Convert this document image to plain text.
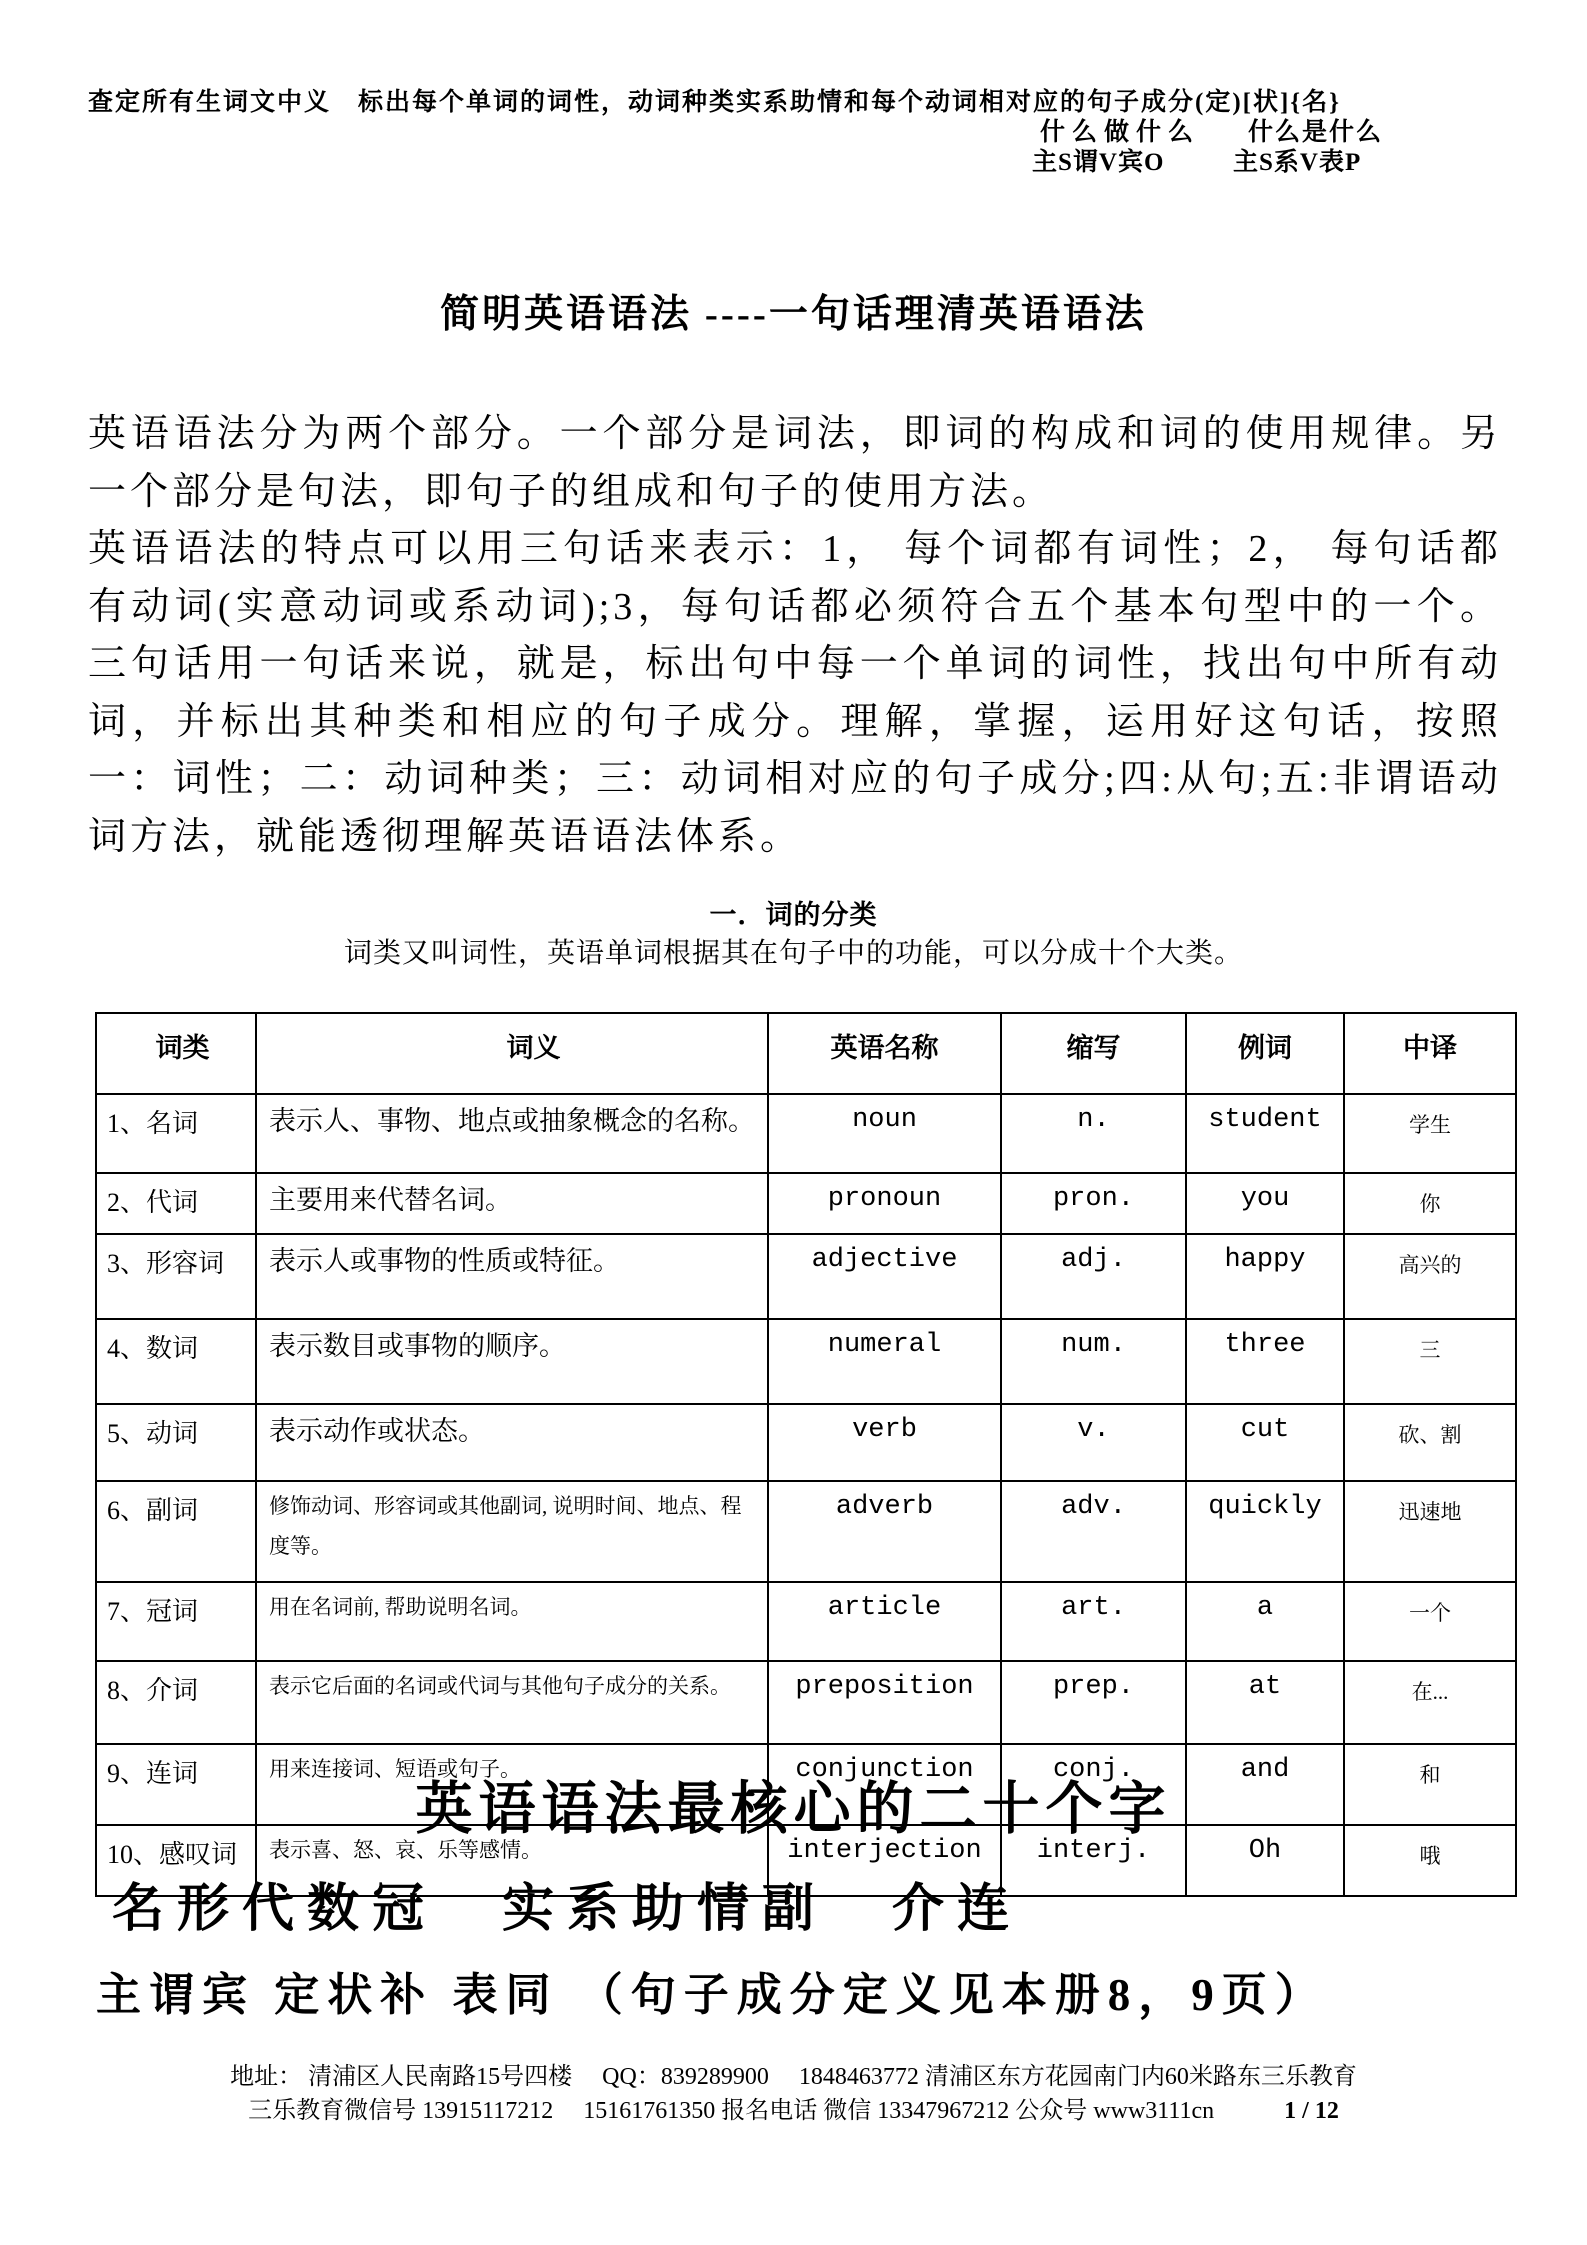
查定所有生词文中义　标出每个单词的词性，动词种类实系助情和每个动词相对应的句子成分(定)[状]{名}
什么做什么 什么是什么
主S谓V宾O	主S系V表P
简明英语语法 ----一句话理清英语语法

英语语法分为两个部分。一个部分是词法，即词的构成和词的使用规律。另一个部分是句法，即句子的组成和句子的使用方法。

英语语法的特点可以用三句话来表示：1， 每个词都有词性；2， 每句话都有动词(实意动词或系动词);3，每句话都必须符合五个基本句型中的一个。三句话用一句话来说，就是，标出句中每一个单词的词性，找出句中所有动词，并标出其种类和相应的句子成分。理解，掌握，运用好这句话，按照一：词性；二：动词种类；三：动词相对应的句子成分;四:从句;五:非谓语动词方法，就能透彻理解英语语法体系。

一．词的分类
词类又叫词性，英语单词根据其在句子中的功能，可以分成十个大类。
词类	词义	英语名称	缩写	例词	中译
1、名词	表示人、事物、地点或抽象概念的名称。	noun	n.	student	学生
2、代词	主要用来代替名词。	pronoun	pron.	you	你
3、形容词	表示人或事物的性质或特征。	adjective	adj.	happy	高兴的
4、数词	表示数目或事物的顺序。	numeral	num.	three	三
5、动词	表示动作或状态。	verb	v.	cut	砍、割
6、副词	修饰动词、形容词或其他副词, 说明时间、地点、程度等。	adverb	adv.	quickly	迅速地
7、冠词	用在名词前, 帮助说明名词。	article	art.	a	一个
8、介词	表示它后面的名词或代词与其他句子成分的关系。	preposition	prep.	at	在...
9、连词	用来连接词、短语或句子。	conjunction	conj.	and	和
10、感叹词	表示喜、怒、哀、乐等感情。	interjection	interj.	Oh	哦
英语语法最核心的二十个字
名形代数冠　实系助情副　介连
主谓宾 定状补 表同 （句子成分定义见本册8，9页）
地址： 清浦区人民南路15号四楼　 QQ：839289900　 1848463772 清浦区东方花园南门内60米路东三乐教育
三乐教育微信号 13915117212　 15161761350 报名电话 微信 13347967212 公众号 www3111cn	1 / 12
